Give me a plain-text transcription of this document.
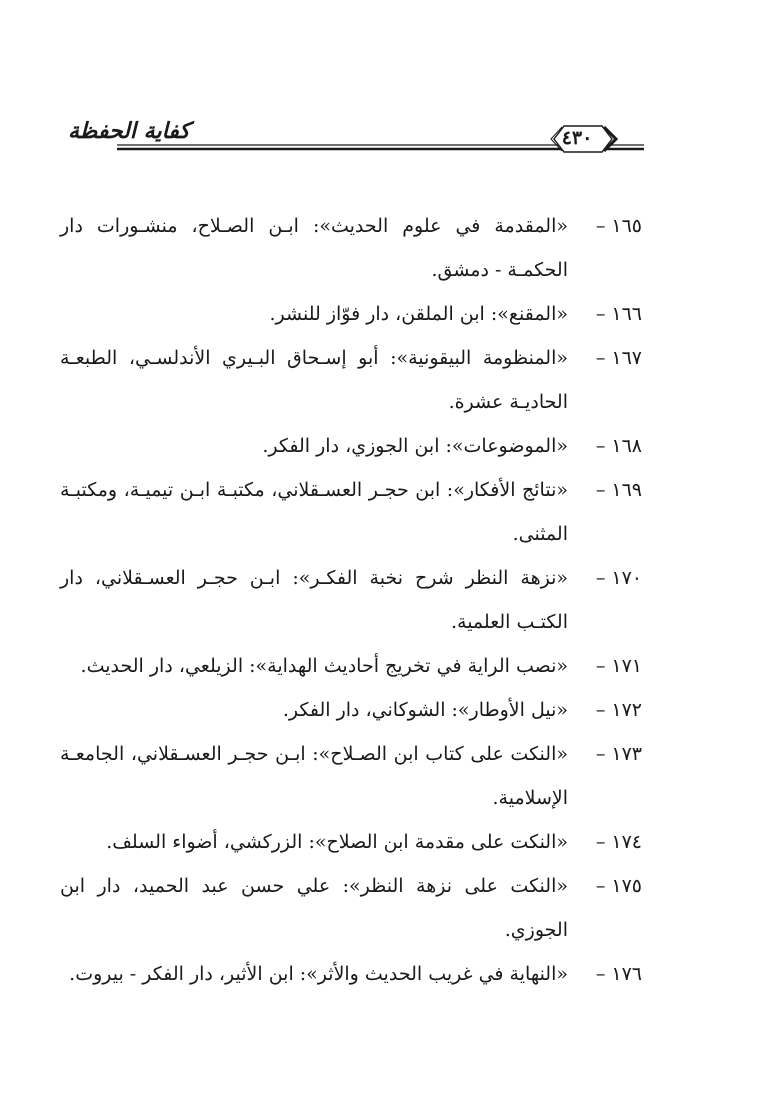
٤٣٠
كفاية الحفظة
١٦٥ –
«المقدمة في علوم الحديث»: ابـن الصـلاح، منشـورات دار الحكمـة - دمشق.
١٦٦ –
«المقنع»: ابن الملقن، دار فوّاز للنشر.
١٦٧ –
«المنظومة البيقونية»: أبو إسـحاق البـيري الأندلسـي، الطبعـة الحاديـة عشرة.
١٦٨ –
«الموضوعات»: ابن الجوزي، دار الفكر.
١٦٩ –
«نتائج الأفكار»: ابن حجـر العسـقلاني، مكتبـة ابـن تيميـة، ومكتبـة المثنى.
١٧٠ –
«نزهة النظر شرح نخبة الفكـر»: ابـن حجـر العسـقلاني، دار الكتـب العلمية.
١٧١ –
«نصب الراية في تخريج أحاديث الهداية»: الزيلعي، دار الحديث.
١٧٢ –
«نيل الأوطار»: الشوكاني، دار الفكر.
١٧٣ –
«النكت على كتاب ابن الصـلاح»: ابـن حجـر العسـقلاني، الجامعـة الإسلامية.
١٧٤ –
«النكت على مقدمة ابن الصلاح»: الزركشي، أضواء السلف.
١٧٥ –
«النكت على نزهة النظر»: علي حسن عبد الحميد، دار ابن الجوزي.
١٧٦ –
«النهاية في غريب الحديث والأثر»: ابن الأثير، دار الفكر - بيروت.
